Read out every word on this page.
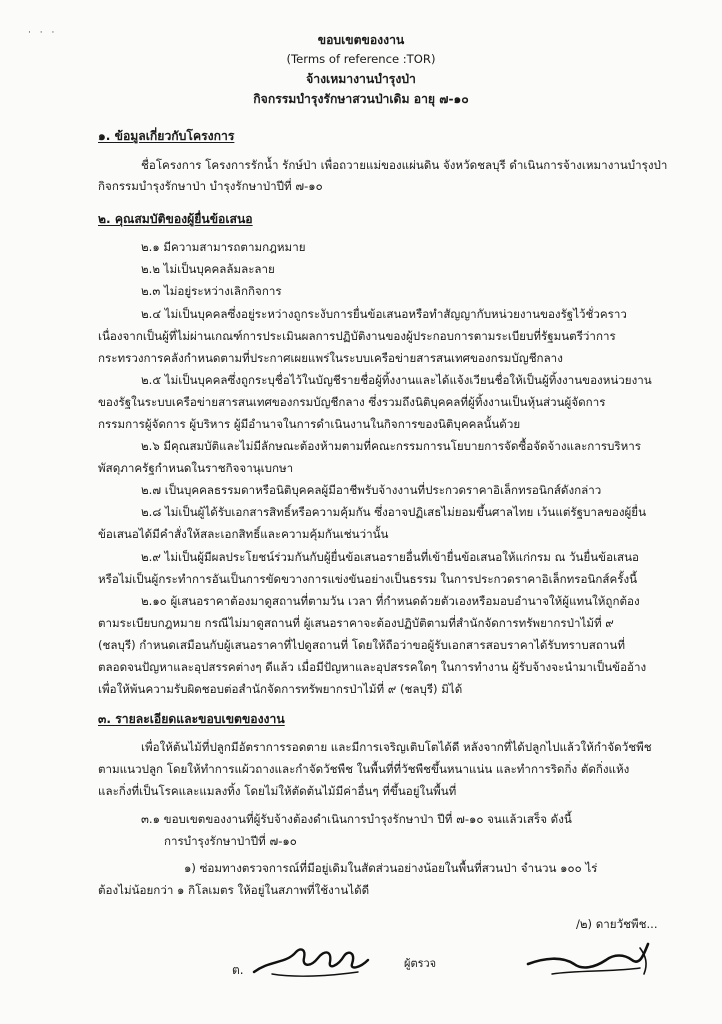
· · ·	ขอบเขตของงาน
(Terms of reference :TOR)
จ้างเหมางานบำรุงป่า
กิจกรรมบำรุงรักษาสวนป่าเดิม อายุ ๗-๑๐
๑. ข้อมูลเกี่ยวกับโครงการ
ชื่อโครงการ โครงการรักน้ำ รักษ์ป่า เพื่อถวายแม่ของแผ่นดิน จังหวัดชลบุรี ดำเนินการจ้างเหมางานบำรุงป่า
กิจกรรมบำรุงรักษาป่า บำรุงรักษาป่าปีที่ ๗-๑๐
๒. คุณสมบัติของผู้ยื่นข้อเสนอ
๒.๑ มีความสามารถตามกฎหมาย
๒.๒ ไม่เป็นบุคคลล้มละลาย
๒.๓ ไม่อยู่ระหว่างเลิกกิจการ
๒.๔ ไม่เป็นบุคคลซึ่งอยู่ระหว่างถูกระงับการยื่นข้อเสนอหรือทำสัญญากับหน่วยงานของรัฐไว้ชั่วคราว
เนื่องจากเป็นผู้ที่ไม่ผ่านเกณฑ์การประเมินผลการปฏิบัติงานของผู้ประกอบการตามระเบียบที่รัฐมนตรีว่าการ
กระทรวงการคลังกำหนดตามที่ประกาศเผยแพร่ในระบบเครือข่ายสารสนเทศของกรมบัญชีกลาง
๒.๕ ไม่เป็นบุคคลซึ่งถูกระบุชื่อไว้ในบัญชีรายชื่อผู้ทิ้งงานและได้แจ้งเวียนชื่อให้เป็นผู้ทิ้งงานของหน่วยงาน
ของรัฐในระบบเครือข่ายสารสนเทศของกรมบัญชีกลาง ซึ่งรวมถึงนิติบุคคลที่ผู้ทิ้งงานเป็นหุ้นส่วนผู้จัดการ
กรรมการผู้จัดการ ผู้บริหาร ผู้มีอำนาจในการดำเนินงานในกิจการของนิติบุคคลนั้นด้วย
๒.๖ มีคุณสมบัติและไม่มีลักษณะต้องห้ามตามที่คณะกรรมการนโยบายการจัดซื้อจัดจ้างและการบริหาร
พัสดุภาครัฐกำหนดในราชกิจจานุเบกษา
๒.๗ เป็นบุคคลธรรมดาหรือนิติบุคคลผู้มีอาชีพรับจ้างงานที่ประกวดราคาอิเล็กทรอนิกส์ดังกล่าว
๒.๘ ไม่เป็นผู้ได้รับเอกสารสิทธิ์หรือความคุ้มกัน ซึ่งอาจปฏิเสธไม่ยอมขึ้นศาลไทย เว้นแต่รัฐบาลของผู้ยื่น
ข้อเสนอได้มีคำสั่งให้สละเอกสิทธิ์และความคุ้มกันเช่นว่านั้น
๒.๙ ไม่เป็นผู้มีผลประโยชน์ร่วมกันกับผู้ยื่นข้อเสนอรายอื่นที่เข้ายื่นข้อเสนอให้แก่กรม ณ วันยื่นข้อเสนอ
หรือไม่เป็นผู้กระทำการอันเป็นการขัดขวางการแข่งขันอย่างเป็นธรรม ในการประกวดราคาอิเล็กทรอนิกส์ครั้งนี้
๒.๑๐ ผู้เสนอราคาต้องมาดูสถานที่ตามวัน เวลา ที่กำหนดด้วยตัวเองหรือมอบอำนาจให้ผู้แทนให้ถูกต้อง
ตามระเบียบกฎหมาย กรณีไม่มาดูสถานที่ ผู้เสนอราคาจะต้องปฏิบัติตามที่สำนักจัดการทรัพยากรป่าไม้ที่ ๙
(ชลบุรี) กำหนดเสมือนกับผู้เสนอราคาที่ไปดูสถานที่ โดยให้ถือว่าขอผู้รับเอกสารสอบราคาได้รับทราบสถานที่
ตลอดจนปัญหาและอุปสรรคต่างๆ ดีแล้ว เมื่อมีปัญหาและอุปสรรคใดๆ ในการทำงาน ผู้รับจ้างจะนำมาเป็นข้ออ้าง
เพื่อให้พ้นความรับผิดชอบต่อสำนักจัดการทรัพยากรป่าไม้ที่ ๙ (ชลบุรี) มิได้
๓. รายละเอียดและขอบเขตของงาน
เพื่อให้ต้นไม้ที่ปลูกมีอัตราการรอดตาย และมีการเจริญเติบโตได้ดี หลังจากที่ได้ปลูกไปแล้วให้กำจัดวัชพืช
ตามแนวปลูก โดยให้ทำการแผ้วถางและกำจัดวัชพืช ในพื้นที่ที่วัชพืชขึ้นหนาแน่น และทำการริดกิ่ง ตัดกิ่งแห้ง
และกิ่งที่เป็นโรคและแมลงทิ้ง โดยไม่ให้ตัดต้นไม้มีค่าอื่นๆ ที่ขึ้นอยู่ในพื้นที่
๓.๑ ขอบเขตของงานที่ผู้รับจ้างต้องดำเนินการบำรุงรักษาป่า ปีที่ ๗-๑๐ จนแล้วเสร็จ ดังนี้
การบำรุงรักษาป่าปีที่ ๗-๑๐
๑) ซ่อมทางตรวจการณ์ที่มีอยู่เดิมในสัดส่วนอย่างน้อยในพื้นที่สวนป่า จำนวน ๑๐๐ ไร่
ต้องไม่น้อยกว่า ๑ กิโลเมตร ให้อยู่ในสภาพที่ใช้งานได้ดี
/๒) ดายวัชพืช...
ต.	ผู้ตรวจ
